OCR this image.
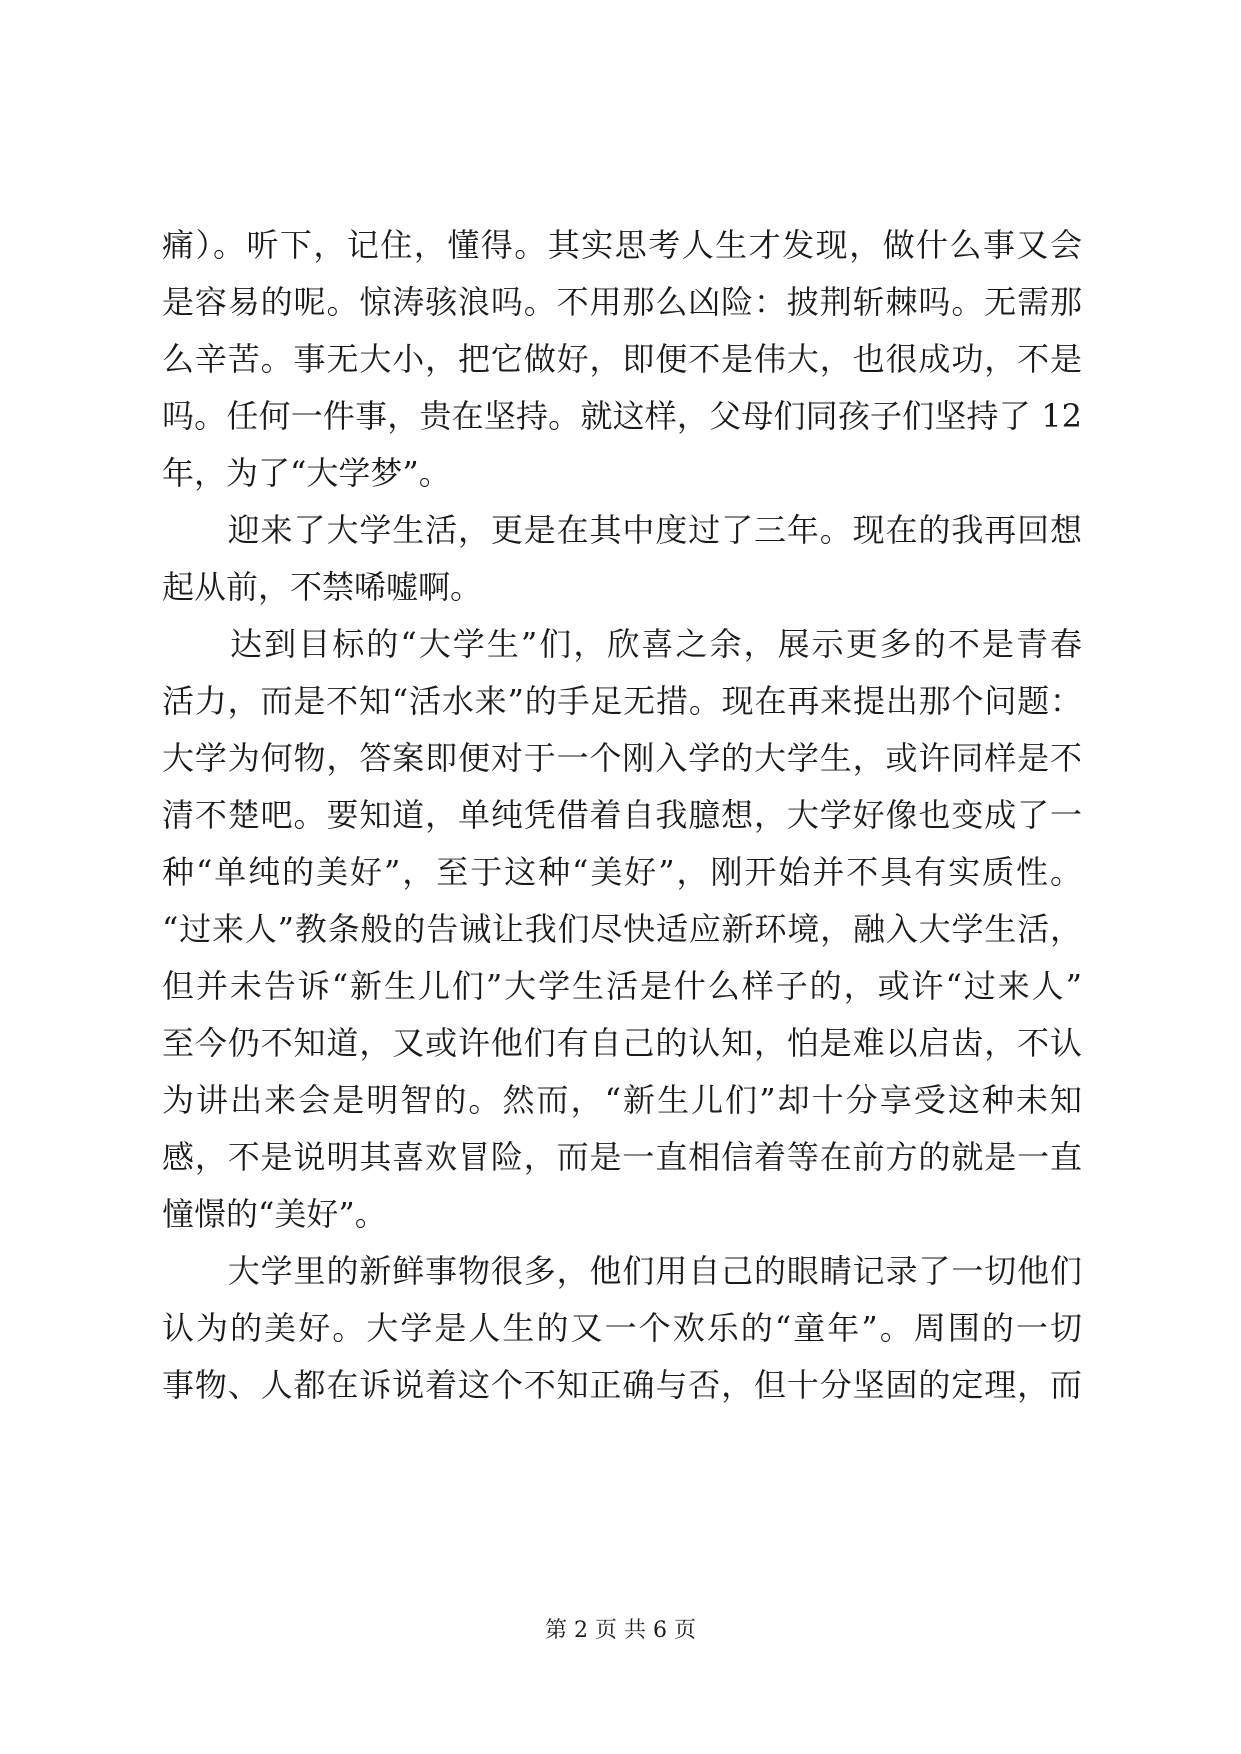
痛）。听下，记住，懂得。其实思考人生才发现，做什么事又会
是容易的呢。惊涛骇浪吗。不用那么凶险：披荆斩棘吗。无需那
么辛苦。事无大小，把它做好，即便不是伟大，也很成功，不是
吗。任何一件事，贵在坚持。就这样，父母们同孩子们坚持了 12
年，为了“大学梦”。
　　迎来了大学生活，更是在其中度过了三年。现在的我再回想
起从前，不禁唏嘘啊。
　　达到目标的“大学生”们，欣喜之余，展示更多的不是青春
活力，而是不知“活水来”的手足无措。现在再来提出那个问题：
大学为何物，答案即便对于一个刚入学的大学生，或许同样是不
清不楚吧。要知道，单纯凭借着自我臆想，大学好像也变成了一
种“单纯的美好”，至于这种“美好”，刚开始并不具有实质性。
“过来人”教条般的告诫让我们尽快适应新环境，融入大学生活，
但并未告诉“新生儿们”大学生活是什么样子的，或许“过来人”
至今仍不知道，又或许他们有自己的认知，怕是难以启齿，不认
为讲出来会是明智的。然而，“新生儿们”却十分享受这种未知
感，不是说明其喜欢冒险，而是一直相信着等在前方的就是一直
憧憬的“美好”。
　　大学里的新鲜事物很多，他们用自己的眼睛记录了一切他们
认为的美好。大学是人生的又一个欢乐的“童年”。周围的一切
事物、人都在诉说着这个不知正确与否，但十分坚固的定理，而
第 2 页 共 6 页
